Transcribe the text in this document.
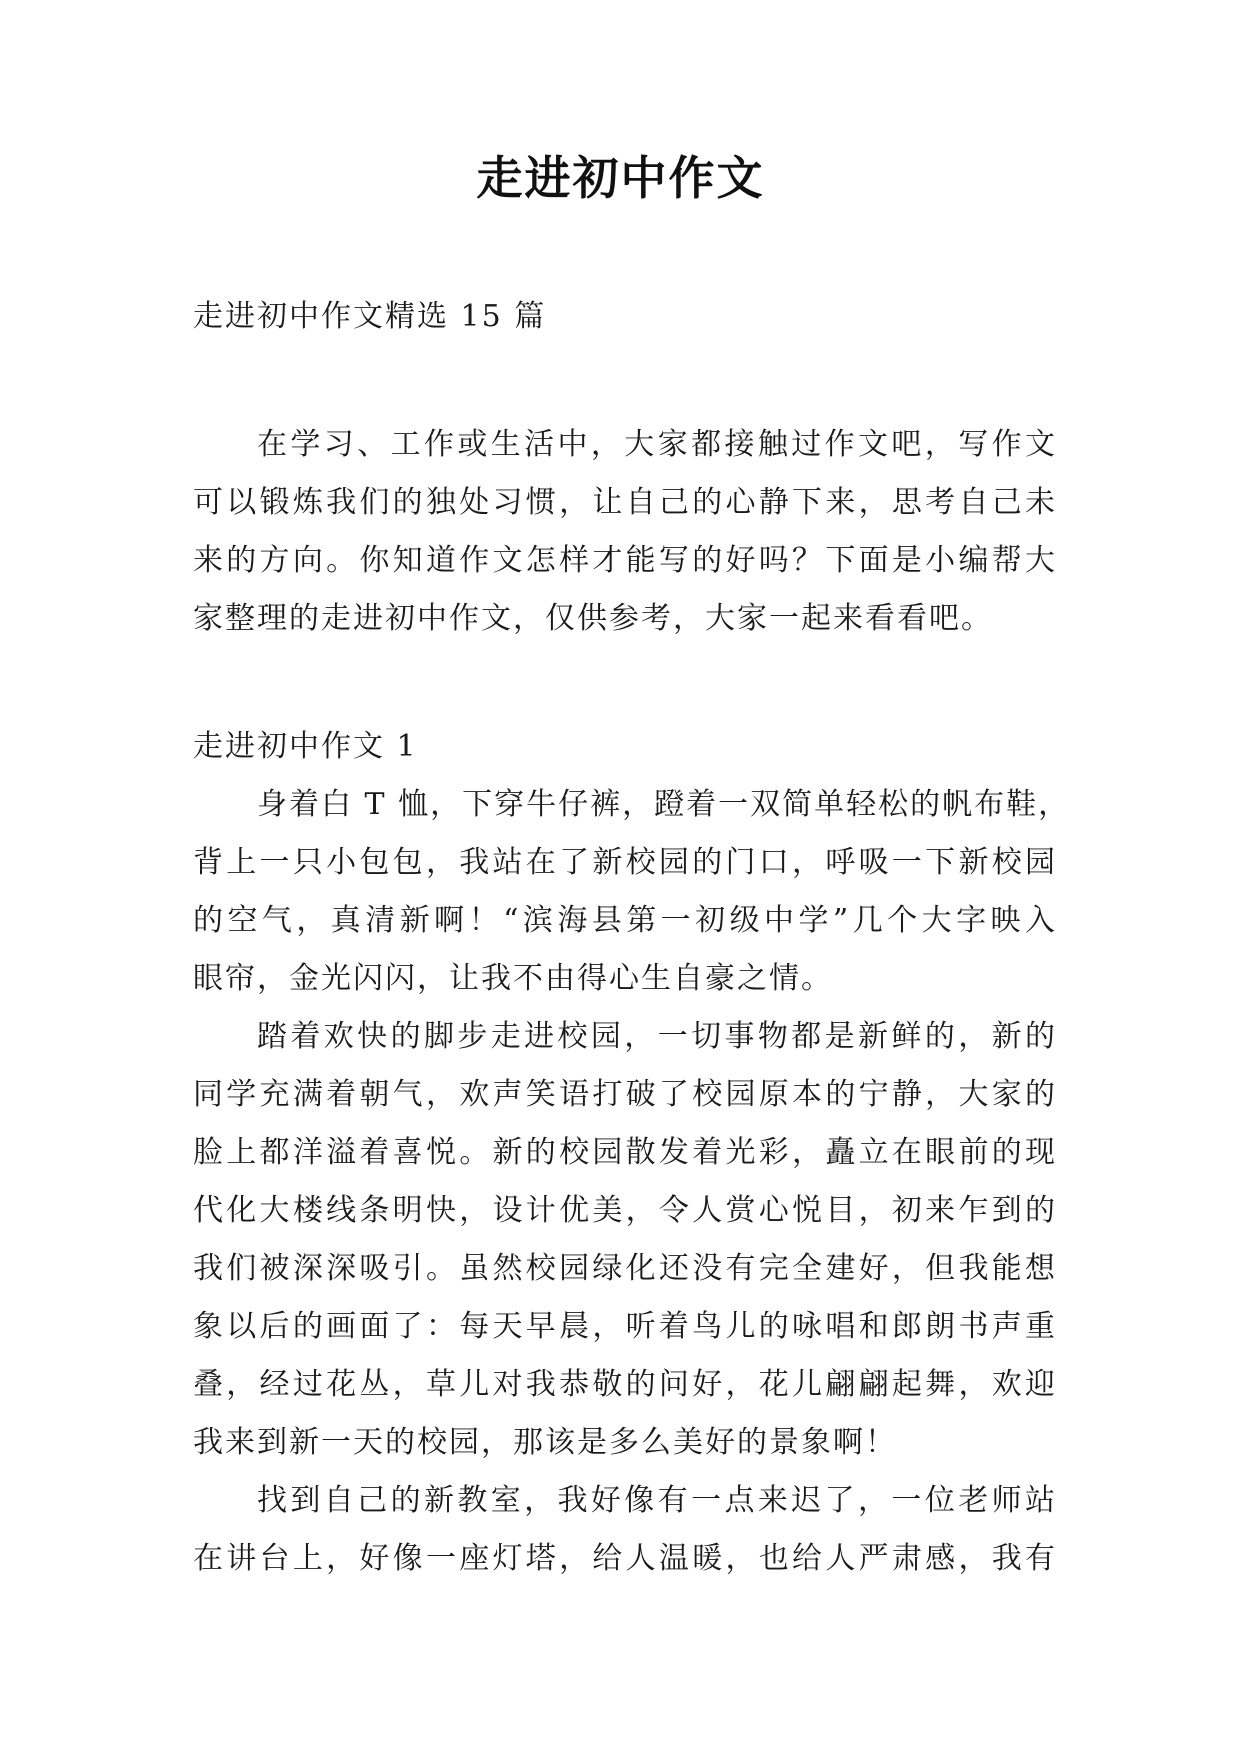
走进初中作文
走进初中作文精选 15 篇
在学习、工作或生活中，大家都接触过作文吧，写作文
可以锻炼我们的独处习惯，让自己的心静下来，思考自己未
来的方向。你知道作文怎样才能写的好吗？下面是小编帮大
家整理的走进初中作文，仅供参考，大家一起来看看吧。
走进初中作文 1
身着白 T 恤，下穿牛仔裤，蹬着一双简单轻松的帆布鞋，
背上一只小包包，我站在了新校园的门口，呼吸一下新校园
的空气，真清新啊！“滨海县第一初级中学”几个大字映入
眼帘，金光闪闪，让我不由得心生自豪之情。
踏着欢快的脚步走进校园，一切事物都是新鲜的，新的
同学充满着朝气，欢声笑语打破了校园原本的宁静，大家的
脸上都洋溢着喜悦。新的校园散发着光彩，矗立在眼前的现
代化大楼线条明快，设计优美，令人赏心悦目，初来乍到的
我们被深深吸引。虽然校园绿化还没有完全建好，但我能想
象以后的画面了：每天早晨，听着鸟儿的咏唱和郎朗书声重
叠，经过花丛，草儿对我恭敬的问好，花儿翩翩起舞，欢迎
我来到新一天的校园，那该是多么美好的景象啊！
找到自己的新教室，我好像有一点来迟了，一位老师站
在讲台上，好像一座灯塔，给人温暖，也给人严肃感，我有
